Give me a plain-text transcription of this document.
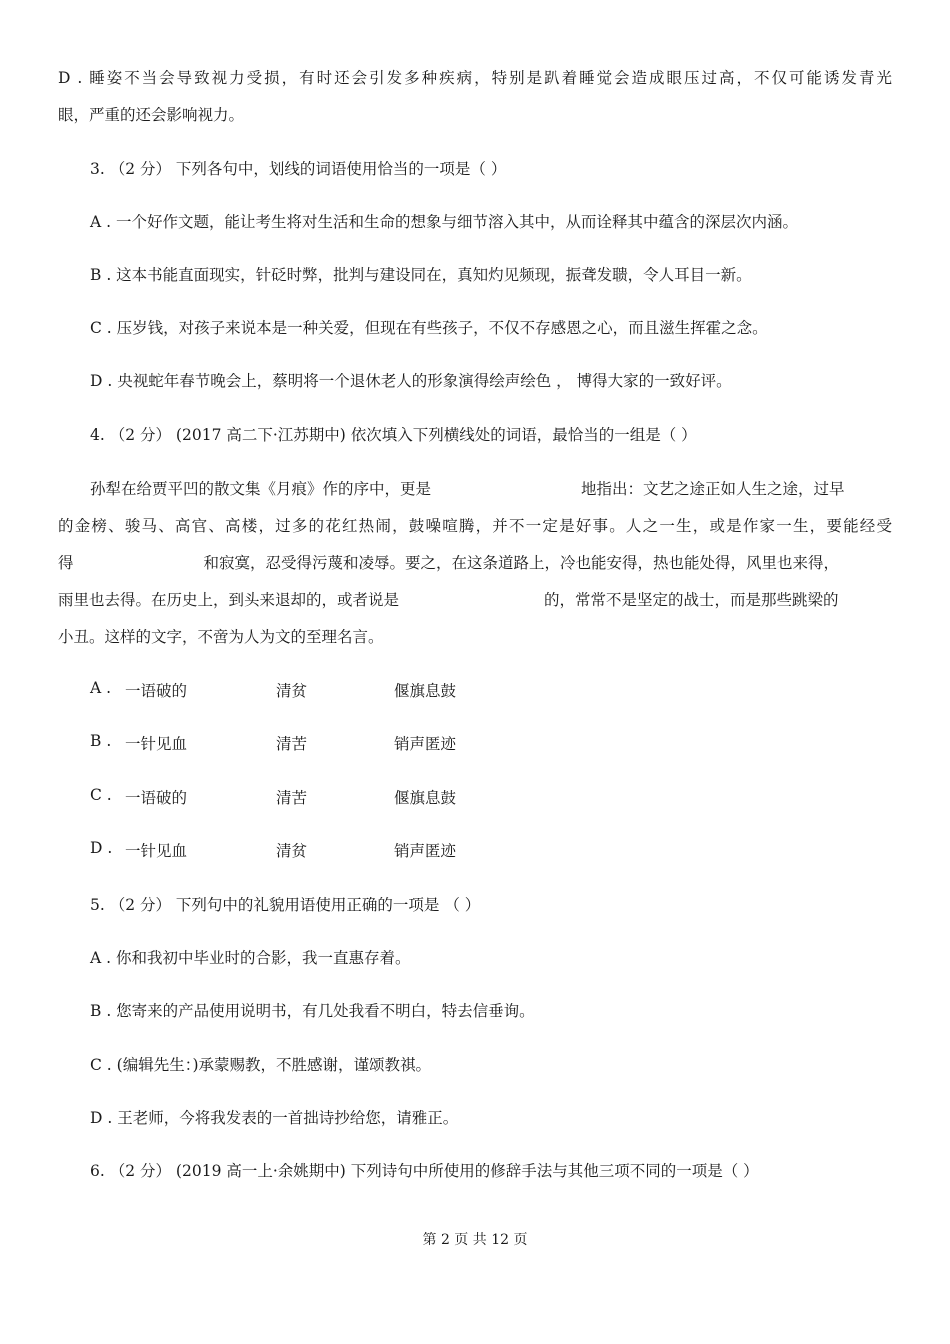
D . 睡姿不当会导致视力受损，有时还会引发多种疾病，特别是趴着睡觉会造成眼压过高，不仅可能诱发青光
眼，严重的还会影响视力。
3. （2 分） 下列各句中，划线的词语使用恰当的一项是（ ）
A . 一个好作文题，能让考生将对生活和生命的想象与细节溶入其中，从而诠释其中蕴含的深层次内涵。
B . 这本书能直面现实，针砭时弊，批判与建设同在，真知灼见频现，振聋发聩，令人耳目一新。
C . 压岁钱，对孩子来说本是一种关爱，但现在有些孩子，不仅不存感恩之心，而且滋生挥霍之念。
D . 央视蛇年春节晚会上，蔡明将一个退休老人的形象演得绘声绘色 ， 博得大家的一致好评。
4. （2 分） (2017 高二下·江苏期中) 依次填入下列横线处的词语，最恰当的一组是（ ）
孙犁在给贾平凹的散文集《月痕》作的序中，更是	地指出：文艺之途正如人生之途，过早
的金榜、骏马、高官、高楼，过多的花红热闹，鼓噪喧腾，并不一定是好事。人之一生，或是作家一生，要能经受
得	和寂寞，忍受得污蔑和凌辱。要之，在这条道路上，冷也能安得，热也能处得，风里也来得，
雨里也去得。在历史上，到头来退却的，或者说是	的，常常不是坚定的战士，而是那些跳梁的
小丑。这样的文字，不啻为人为文的至理名言。
A . 一语破的	清贫	偃旗息鼓
B . 一针见血	清苦	销声匿迹
C . 一语破的	清苦	偃旗息鼓
D . 一针见血	清贫	销声匿迹
5. （2 分） 下列句中的礼貌用语使用正确的一项是 （ ）
A . 你和我初中毕业时的合影，我一直惠存着。
B . 您寄来的产品使用说明书，有几处我看不明白，特去信垂询。
C . (编辑先生：)承蒙赐教，不胜感谢，谨颂教祺。
D . 王老师，今将我发表的一首拙诗抄给您，请雅正。
6. （2 分） (2019 高一上·余姚期中) 下列诗句中所使用的修辞手法与其他三项不同的一项是（ ）
第 2 页 共 12 页
